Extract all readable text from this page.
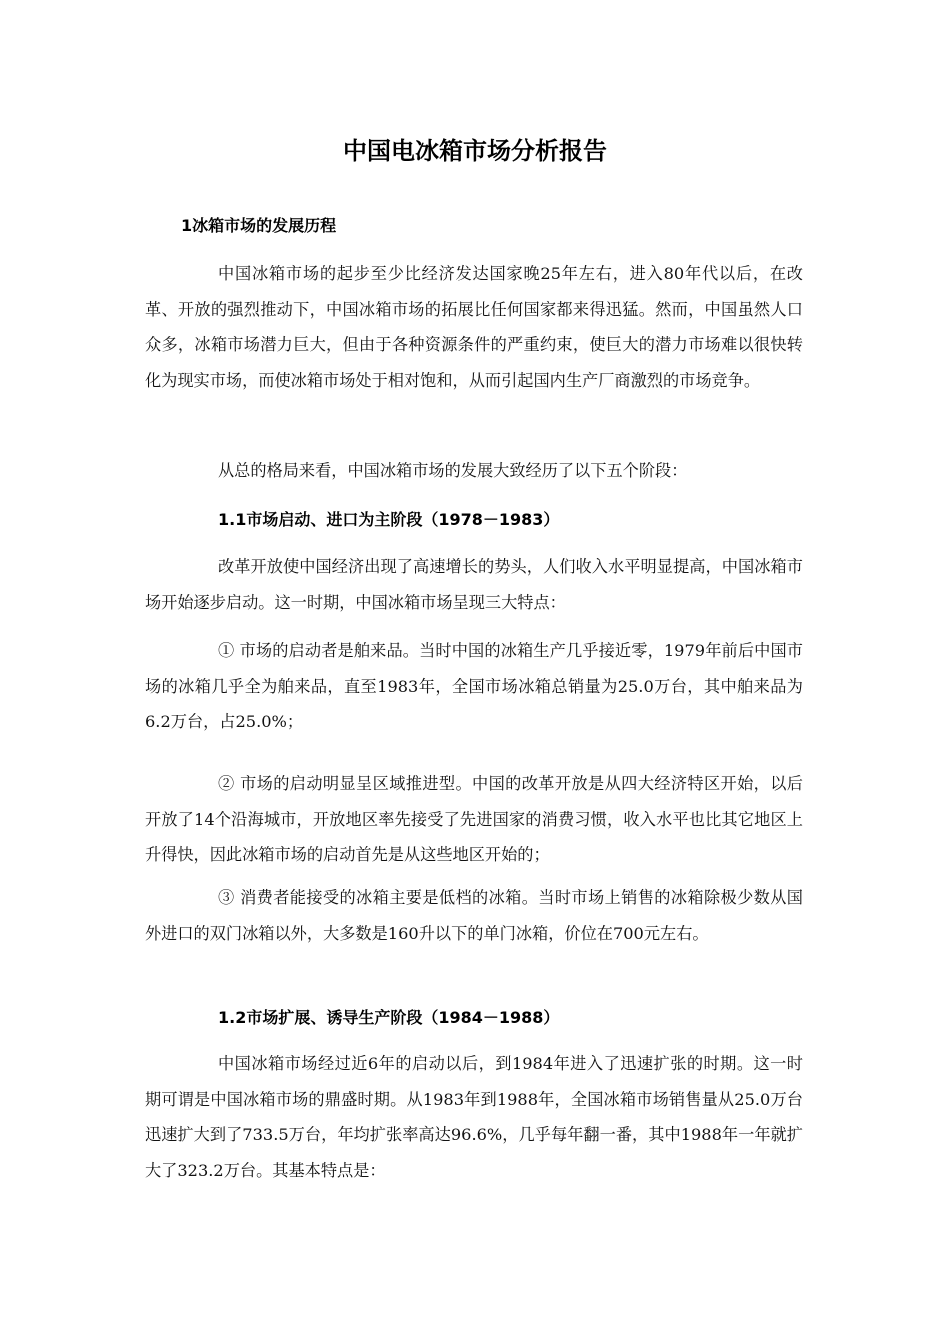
中国电冰箱市场分析报告
1冰箱市场的发展历程

中国冰箱市场的起步至少比经济发达国家晚25年左右，进入80年代以后，在改革、开放的强烈推动下，中国冰箱市场的拓展比任何国家都来得迅猛。然而，中国虽然人口众多，冰箱市场潜力巨大，但由于各种资源条件的严重约束，使巨大的潜力市场难以很快转化为现实市场，而使冰箱市场处于相对饱和，从而引起国内生产厂商激烈的市场竞争。

从总的格局来看，中国冰箱市场的发展大致经历了以下五个阶段：

1.1市场启动、进口为主阶段（1978－1983）

改革开放使中国经济出现了高速增长的势头，人们收入水平明显提高，中国冰箱市场开始逐步启动。这一时期，中国冰箱市场呈现三大特点：

① 市场的启动者是舶来品。当时中国的冰箱生产几乎接近零，1979年前后中国市场的冰箱几乎全为舶来品，直至1983年，全国市场冰箱总销量为25.0万台，其中舶来品为6.2万台，占25.0%；

② 市场的启动明显呈区域推进型。中国的改革开放是从四大经济特区开始，以后开放了14个沿海城市，开放地区率先接受了先进国家的消费习惯，收入水平也比其它地区上升得快，因此冰箱市场的启动首先是从这些地区开始的；

③ 消费者能接受的冰箱主要是低档的冰箱。当时市场上销售的冰箱除极少数从国外进口的双门冰箱以外，大多数是160升以下的单门冰箱，价位在700元左右。

1.2市场扩展、诱导生产阶段（1984－1988）

中国冰箱市场经过近6年的启动以后，到1984年进入了迅速扩张的时期。这一时期可谓是中国冰箱市场的鼎盛时期。从1983年到1988年，全国冰箱市场销售量从25.0万台迅速扩大到了733.5万台，年均扩张率高达96.6%，几乎每年翻一番，其中1988年一年就扩大了323.2万台。其基本特点是：
